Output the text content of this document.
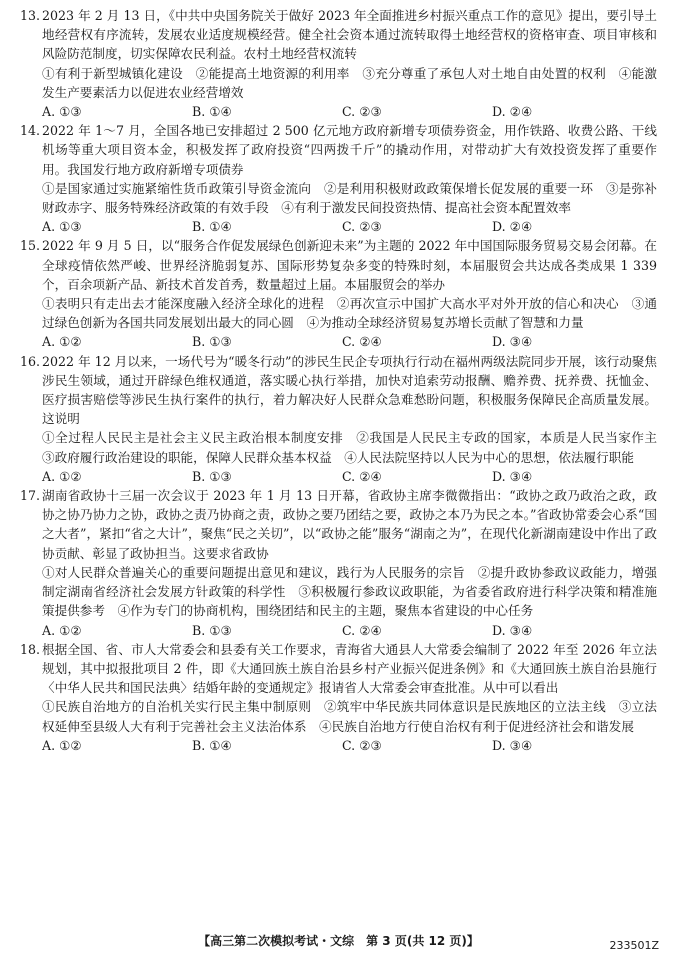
13. 2023 年 2 月 13 日，《中共中央国务院关于做好 2023 年全面推进乡村振兴重点工作的意见》提出，要引导土地经营权有序流转，发展农业适度规模经营。健全社会资本通过流转取得土地经营权的资格审查、项目审核和风险防范制度，切实保障农民利益。农村土地经营权流转
①有利于新型城镇化建设　②能提高土地资源的利用率　③充分尊重了承包人对土地自由处置的权利　④能激发生产要素活力以促进农业经营增效
A. ①③	B. ①④	C. ②③	D. ②④
14. 2022 年 1～7 月，全国各地已安排超过 2 500 亿元地方政府新增专项债券资金，用作铁路、收费公路、干线机场等重大项目资本金，积极发挥了政府投资“四两拨千斤”的撬动作用，对带动扩大有效投资发挥了重要作用。我国发行地方政府新增专项债券
①是国家通过实施紧缩性货币政策引导资金流向　②是利用积极财政政策保增长促发展的重要一环　③是弥补财政赤字、服务特殊经济政策的有效手段　④有利于激发民间投资热情、提高社会资本配置效率
A. ①③	B. ①④	C. ②③	D. ②④
15. 2022 年 9 月 5 日，以“服务合作促发展绿色创新迎未来”为主题的 2022 年中国国际服务贸易交易会闭幕。在全球疫情依然严峻、世界经济脆弱复苏、国际形势复杂多变的特殊时刻，本届服贸会共达成各类成果 1 339 个，百余项新产品、新技术首发首秀，数量超过上届。本届服贸会的举办
①表明只有走出去才能深度融入经济全球化的进程　②再次宣示中国扩大高水平对外开放的信心和决心　③通过绿色创新为各国共同发展划出最大的同心圆　④为推动全球经济贸易复苏增长贡献了智慧和力量
A. ①②	B. ①③	C. ②④	D. ③④
16. 2022 年 12 月以来，一场代号为“暖冬行动”的涉民生民企专项执行行动在福州两级法院同步开展，该行动聚焦涉民生领域，通过开辟绿色维权通道，落实暖心执行举措，加快对追索劳动报酬、赡养费、抚养费、抚恤金、医疗损害赔偿等涉民生执行案件的执行，着力解决好人民群众急难愁盼问题，积极服务保障民企高质量发展。这说明
①全过程人民民主是社会主义民主政治根本制度安排　②我国是人民民主专政的国家，本质是人民当家作主　③政府履行政治建设的职能，保障人民群众基本权益　④人民法院坚持以人民为中心的思想，依法履行职能
A. ①②	B. ①③	C. ②④	D. ③④
17. 湖南省政协十三届一次会议于 2023 年 1 月 13 日开幕，省政协主席李微微指出：“政协之政乃政治之政，政协之协乃协力之协，政协之责乃协商之责，政协之要乃团结之要，政协之本乃为民之本。”省政协常委会心系“国之大者”，紧扣“省之大计”，聚焦“民之关切”，以“政协之能”服务“湖南之为”，在现代化新湖南建设中作出了政协贡献、彰显了政协担当。这要求省政协
①对人民群众普遍关心的重要问题提出意见和建议，践行为人民服务的宗旨　②提升政协参政议政能力，增强制定湖南省经济社会发展方针政策的科学性　③积极履行参政议政职能，为省委省政府进行科学决策和精准施策提供参考　④作为专门的协商机构，围绕团结和民主的主题，聚焦本省建设的中心任务
A. ①②	B. ①③	C. ②④	D. ③④
18. 根据全国、省、市人大常委会和县委有关工作要求，青海省大通县人大常委会编制了 2022 年至 2026 年立法规划，其中拟报批项目 2 件，即《大通回族土族自治县乡村产业振兴促进条例》和《大通回族土族自治县施行〈中华人民共和国民法典〉结婚年龄的变通规定》报请省人大常委会审查批准。从中可以看出
①民族自治地方的自治机关实行民主集中制原则　②筑牢中华民族共同体意识是民族地区的立法主线　③立法权延伸至县级人大有利于完善社会主义法治体系　④民族自治地方行使自治权有利于促进经济社会和谐发展
A. ①②	B. ①④	C. ②③	D. ③④
【高三第二次模拟考试・文综　第 3 页(共 12 页)】	233501Z
